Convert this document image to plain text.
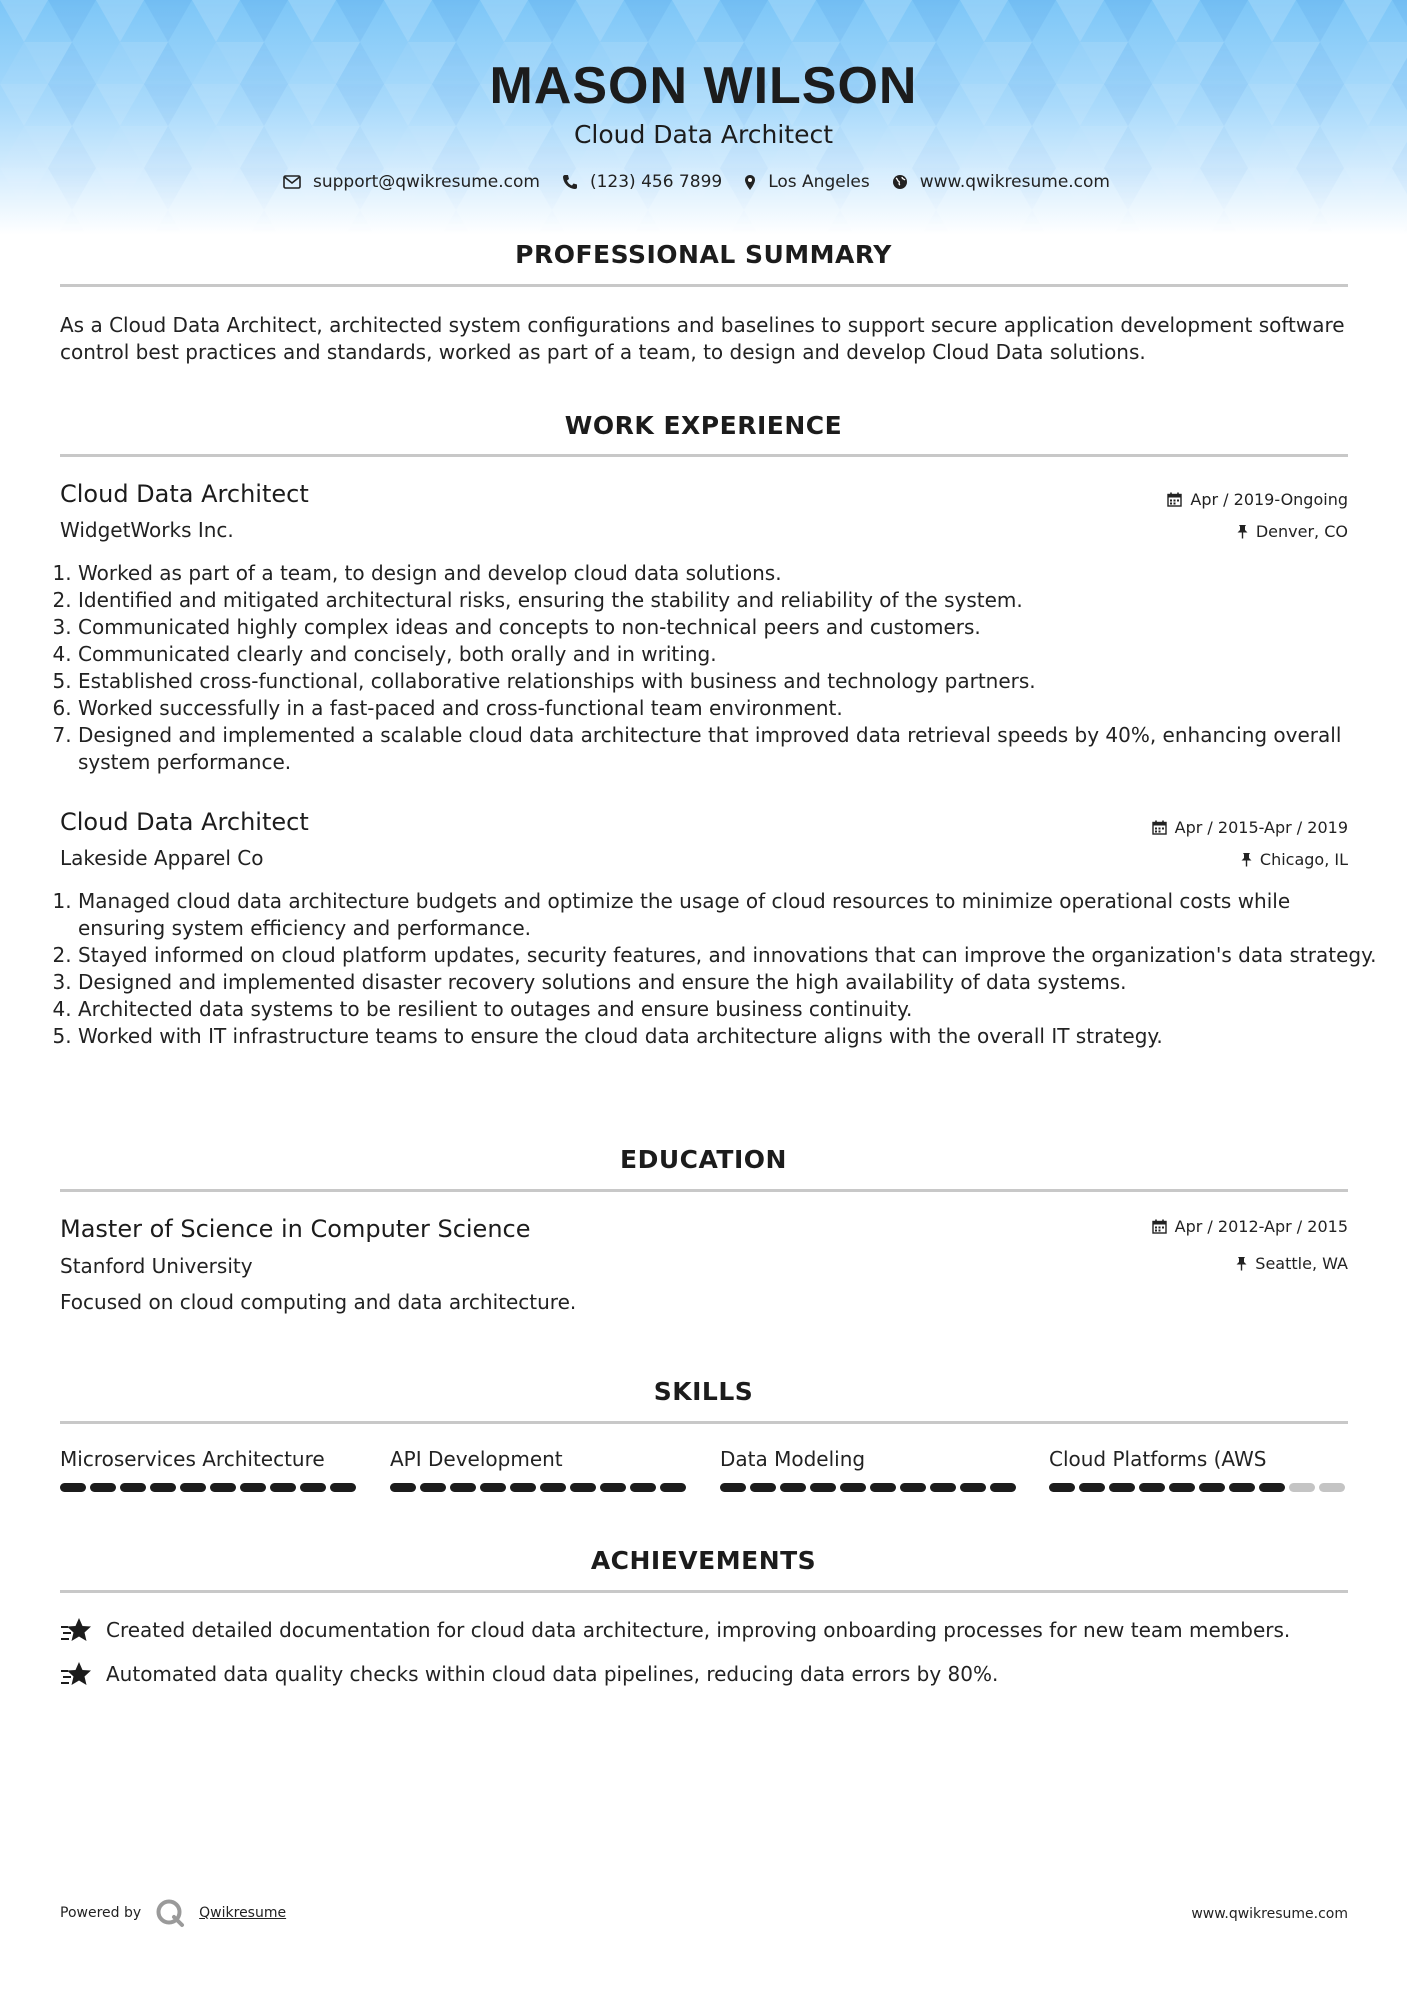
MASON WILSON
Cloud Data Architect
support@qwikresume.com	(123) 456 7899	Los Angeles	www.qwikresume.com
PROFESSIONAL SUMMARY
As a Cloud Data Architect, architected system configurations and baselines to support secure application development software control best practices and standards, worked as part of a team, to design and develop Cloud Data solutions.
WORK EXPERIENCE
Cloud Data Architect	Apr / 2019-Ongoing
WidgetWorks Inc.	Denver, CO
1. Worked as part of a team, to design and develop cloud data solutions.
2. Identified and mitigated architectural risks, ensuring the stability and reliability of the system.
3. Communicated highly complex ideas and concepts to non-technical peers and customers.
4. Communicated clearly and concisely, both orally and in writing.
5. Established cross-functional, collaborative relationships with business and technology partners.
6. Worked successfully in a fast-paced and cross-functional team environment.
7. Designed and implemented a scalable cloud data architecture that improved data retrieval speeds by 40%, enhancing overall system performance.
Cloud Data Architect	Apr / 2015-Apr / 2019
Lakeside Apparel Co	Chicago, IL
1. Managed cloud data architecture budgets and optimize the usage of cloud resources to minimize operational costs while ensuring system efficiency and performance.
2. Stayed informed on cloud platform updates, security features, and innovations that can improve the organization's data strategy.
3. Designed and implemented disaster recovery solutions and ensure the high availability of data systems.
4. Architected data systems to be resilient to outages and ensure business continuity.
5. Worked with IT infrastructure teams to ensure the cloud data architecture aligns with the overall IT strategy.
EDUCATION
Master of Science in Computer Science	Apr / 2012-Apr / 2015
Stanford University	Seattle, WA
Focused on cloud computing and data architecture.
SKILLS
Microservices Architecture	API Development	Data Modeling	Cloud Platforms (AWS
ACHIEVEMENTS
Created detailed documentation for cloud data architecture, improving onboarding processes for new team members.
Automated data quality checks within cloud data pipelines, reducing data errors by 80%.
Powered by	Qwikresume	www.qwikresume.com
